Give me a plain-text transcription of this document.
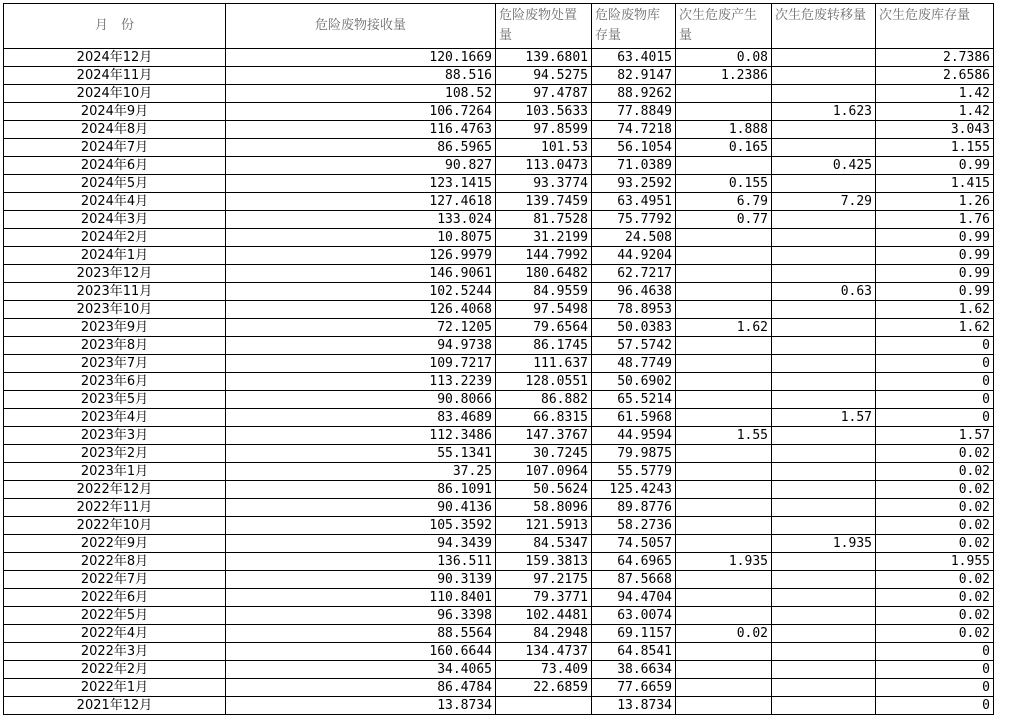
月　份	危险废物接收量	危险废物处置量	危险废物库存量	次生危废产生量	次生危废转移量	次生危废库存量
2024年12月	120.1669	139.6801	63.4015	0.08		2.7386
2024年11月	88.516	94.5275	82.9147	1.2386		2.6586
2024年10月	108.52	97.4787	88.9262			1.42
2024年9月	106.7264	103.5633	77.8849		1.623	1.42
2024年8月	116.4763	97.8599	74.7218	1.888		3.043
2024年7月	86.5965	101.53	56.1054	0.165		1.155
2024年6月	90.827	113.0473	71.0389		0.425	0.99
2024年5月	123.1415	93.3774	93.2592	0.155		1.415
2024年4月	127.4618	139.7459	63.4951	6.79	7.29	1.26
2024年3月	133.024	81.7528	75.7792	0.77		1.76
2024年2月	10.8075	31.2199	24.508			0.99
2024年1月	126.9979	144.7992	44.9204			0.99
2023年12月	146.9061	180.6482	62.7217			0.99
2023年11月	102.5244	84.9559	96.4638		0.63	0.99
2023年10月	126.4068	97.5498	78.8953			1.62
2023年9月	72.1205	79.6564	50.0383	1.62		1.62
2023年8月	94.9738	86.1745	57.5742			0
2023年7月	109.7217	111.637	48.7749			0
2023年6月	113.2239	128.0551	50.6902			0
2023年5月	90.8066	86.882	65.5214			0
2023年4月	83.4689	66.8315	61.5968		1.57	0
2023年3月	112.3486	147.3767	44.9594	1.55		1.57
2023年2月	55.1341	30.7245	79.9875			0.02
2023年1月	37.25	107.0964	55.5779			0.02
2022年12月	86.1091	50.5624	125.4243			0.02
2022年11月	90.4136	58.8096	89.8776			0.02
2022年10月	105.3592	121.5913	58.2736			0.02
2022年9月	94.3439	84.5347	74.5057		1.935	0.02
2022年8月	136.511	159.3813	64.6965	1.935		1.955
2022年7月	90.3139	97.2175	87.5668			0.02
2022年6月	110.8401	79.3771	94.4704			0.02
2022年5月	96.3398	102.4481	63.0074			0.02
2022年4月	88.5564	84.2948	69.1157	0.02		0.02
2022年3月	160.6644	134.4737	64.8541			0
2022年2月	34.4065	73.409	38.6634			0
2022年1月	86.4784	22.6859	77.6659			0
2021年12月	13.8734		13.8734			0
